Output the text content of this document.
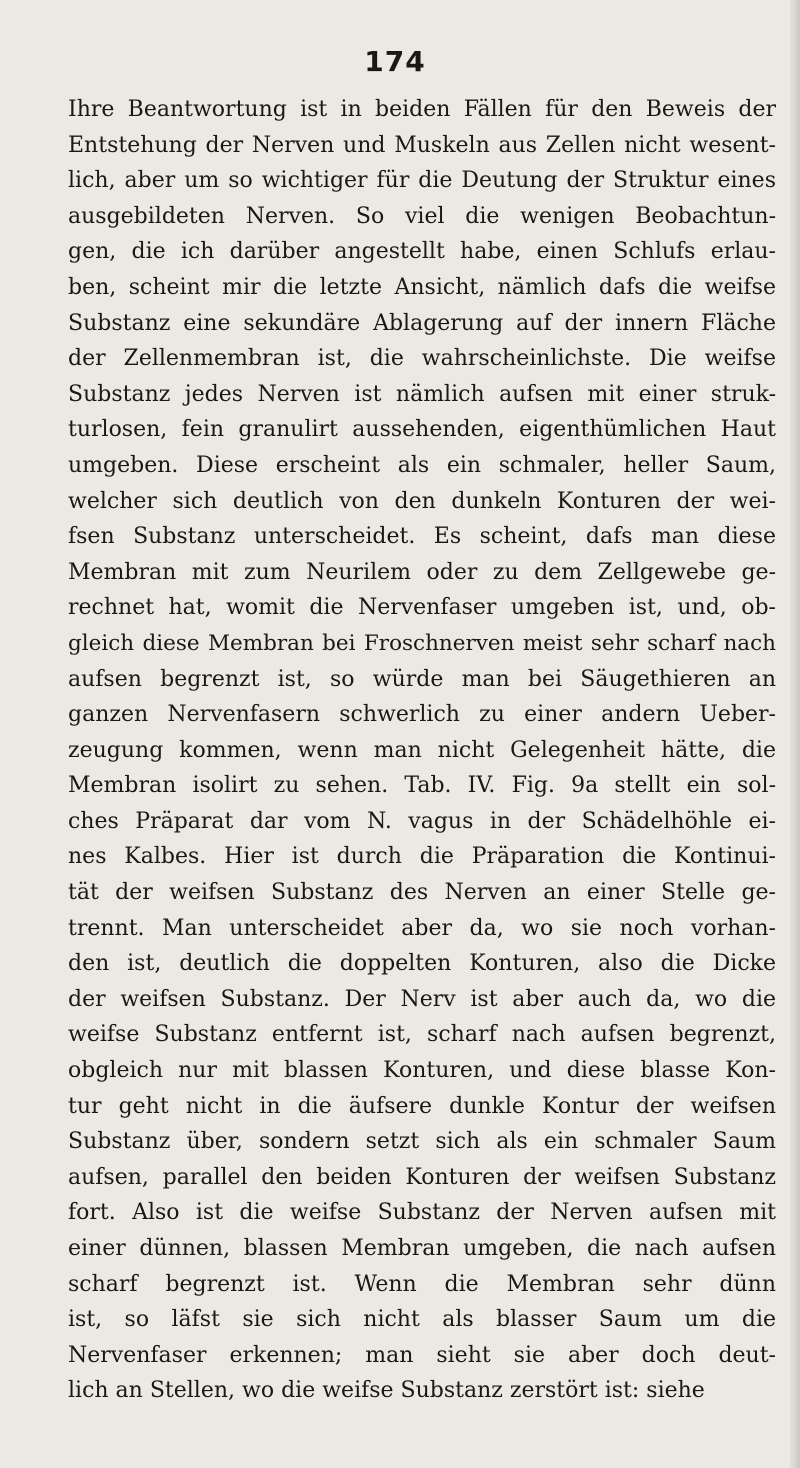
174
Ihre Beantwortung ist in beiden Fällen für den Beweis der
Entstehung der Nerven und Muskeln aus Zellen nicht wesent-
lich, aber um so wichtiger für die Deutung der Struktur eines
ausgebildeten Nerven. So viel die wenigen Beobachtun-
gen, die ich darüber angestellt habe, einen Schlufs erlau-
ben, scheint mir die letzte Ansicht, nämlich dafs die weifse
Substanz eine sekundäre Ablagerung auf der innern Fläche
der Zellenmembran ist, die wahrscheinlichste. Die weifse
Substanz jedes Nerven ist nämlich aufsen mit einer struk-
turlosen, fein granulirt aussehenden, eigenthümlichen Haut
umgeben. Diese erscheint als ein schmaler, heller Saum,
welcher sich deutlich von den dunkeln Konturen der wei-
fsen Substanz unterscheidet. Es scheint, dafs man diese
Membran mit zum Neurilem oder zu dem Zellgewebe ge-
rechnet hat, womit die Nervenfaser umgeben ist, und, ob-
gleich diese Membran bei Froschnerven meist sehr scharf nach
aufsen begrenzt ist, so würde man bei Säugethieren an
ganzen Nervenfasern schwerlich zu einer andern Ueber-
zeugung kommen, wenn man nicht Gelegenheit hätte, die
Membran isolirt zu sehen. Tab. IV. Fig. 9a stellt ein sol-
ches Präparat dar vom N. vagus in der Schädelhöhle ei-
nes Kalbes. Hier ist durch die Präparation die Kontinui-
tät der weifsen Substanz des Nerven an einer Stelle ge-
trennt. Man unterscheidet aber da, wo sie noch vorhan-
den ist, deutlich die doppelten Konturen, also die Dicke
der weifsen Substanz. Der Nerv ist aber auch da, wo die
weifse Substanz entfernt ist, scharf nach aufsen begrenzt,
obgleich nur mit blassen Konturen, und diese blasse Kon-
tur geht nicht in die äufsere dunkle Kontur der weifsen
Substanz über, sondern setzt sich als ein schmaler Saum
aufsen, parallel den beiden Konturen der weifsen Substanz
fort. Also ist die weifse Substanz der Nerven aufsen mit
einer dünnen, blassen Membran umgeben, die nach aufsen
scharf begrenzt ist. Wenn die Membran sehr dünn
ist, so läfst sie sich nicht als blasser Saum um die
Nervenfaser erkennen; man sieht sie aber doch deut-
lich an Stellen, wo die weifse Substanz zerstört ist: siehe
